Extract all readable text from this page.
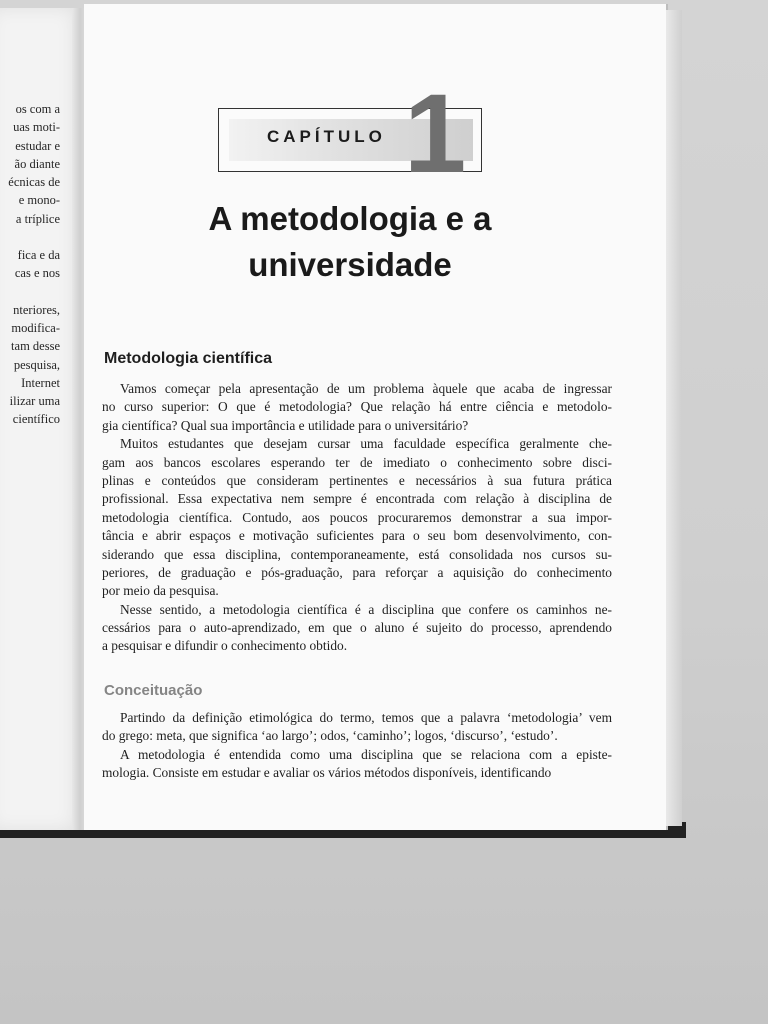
os com a
uas moti-
estudar e
ão diante
écnicas de
e mono-
a tríplice
fica e da
cas e nos
nteriores,
modifica-
tam desse
pesquisa,
Internet
ilizar uma
científico
CAPÍTULO 1
A metodologia e a
universidade
Metodologia científica
Vamos começar pela apresentação de um problema àquele que acaba de ingressar
no curso superior: O que é metodologia? Que relação há entre ciência e metodolo-
gia científica? Qual sua importância e utilidade para o universitário?
Muitos estudantes que desejam cursar uma faculdade específica geralmente che-
gam aos bancos escolares esperando ter de imediato o conhecimento sobre disci-
plinas e conteúdos que consideram pertinentes e necessários à sua futura prática
profissional. Essa expectativa nem sempre é encontrada com relação à disciplina de
metodologia científica. Contudo, aos poucos procuraremos demonstrar a sua impor-
tância e abrir espaços e motivação suficientes para o seu bom desenvolvimento, con-
siderando que essa disciplina, contemporaneamente, está consolidada nos cursos su-
periores, de graduação e pós-graduação, para reforçar a aquisição do conhecimento
por meio da pesquisa.
Nesse sentido, a metodologia científica é a disciplina que confere os caminhos ne-
cessários para o auto-aprendizado, em que o aluno é sujeito do processo, aprendendo
a pesquisar e difundir o conhecimento obtido.
Conceituação
Partindo da definição etimológica do termo, temos que a palavra ‘metodologia’ vem
do grego: meta, que significa ‘ao largo’; odos, ‘caminho’; logos, ‘discurso’, ‘estudo’.
A metodologia é entendida como uma disciplina que se relaciona com a episte-
mologia. Consiste em estudar e avaliar os vários métodos disponíveis, identificando
